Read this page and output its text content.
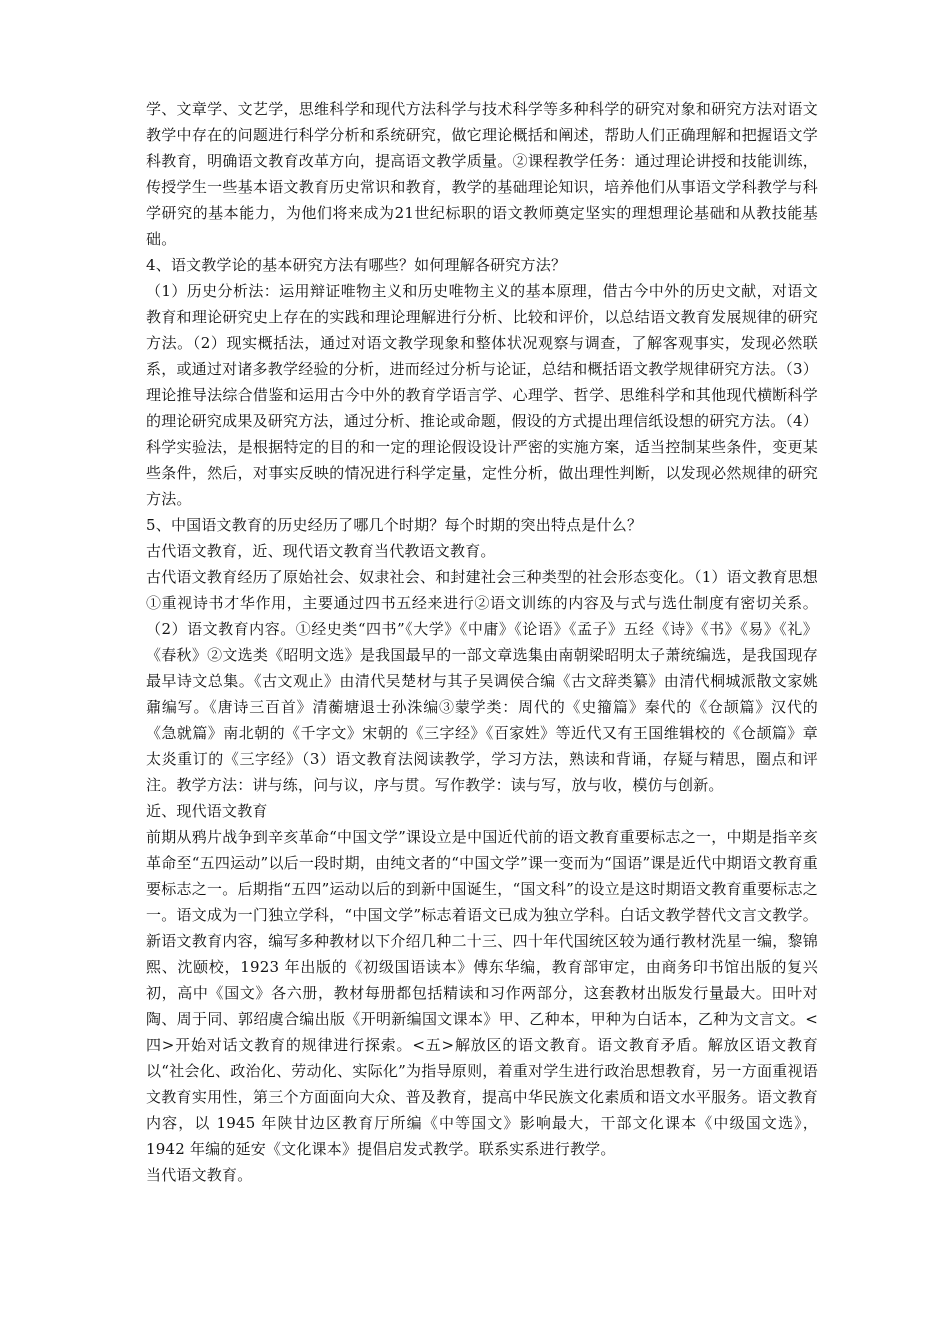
学、文章学、文艺学，思维科学和现代方法科学与技术科学等多种科学的研究对象和研究方法对语文教学中存在的问题进行科学分析和系统研究，做它理论概括和阐述，帮助人们正确理解和把握语文学科教育，明确语文教育改革方向，提高语文教学质量。②课程教学任务：通过理论讲授和技能训练，传授学生一些基本语文教育历史常识和教育，教学的基础理论知识，培养他们从事语文学科教学与科学研究的基本能力，为他们将来成为21世纪标职的语文教师奠定坚实的理想理论基础和从教技能基础。

4、语文教学论的基本研究方法有哪些？如何理解各研究方法？

（1）历史分析法：运用辩证唯物主义和历史唯物主义的基本原理，借古今中外的历史文献，对语文教育和理论研究史上存在的实践和理论理解进行分析、比较和评价，以总结语文教育发展规律的研究方法。（2）现实概括法，通过对语文教学现象和整体状况观察与调查，了解客观事实，发现必然联系，或通过对诸多教学经验的分析，进而经过分析与论证，总结和概括语文教学规律研究方法。（3）理论推导法综合借鉴和运用古今中外的教育学语言学、心理学、哲学、思维科学和其他现代横断科学的理论研究成果及研究方法，通过分析、推论或命题，假设的方式提出理信纸设想的研究方法。（4）科学实验法，是根据特定的目的和一定的理论假设设计严密的实施方案，适当控制某些条件，变更某些条件，然后，对事实反映的情况进行科学定量，定性分析，做出理性判断，以发现必然规律的研究方法。

5、中国语文教育的历史经历了哪几个时期？每个时期的突出特点是什么？

古代语文教育，近、现代语文教育当代教语文教育。

古代语文教育经历了原始社会、奴隶社会、和封建社会三种类型的社会形态变化。（1）语文教育思想①重视诗书才华作用，主要通过四书五经来进行②语文训练的内容及与式与选仕制度有密切关系。（2）语文教育内容。①经史类“四书”《大学》《中庸》《论语》《孟子》五经《诗》《书》《易》《礼》《春秋》②文选类《昭明文选》是我国最早的一部文章选集由南朝梁昭明太子萧统编选，是我国现存最早诗文总集。《古文观止》由清代吴楚材与其子吴调侯合编《古文辞类纂》由清代桐城派散文家姚鼐编写。《唐诗三百首》清蘅塘退士孙洙编③蒙学类：周代的《史籀篇》秦代的《仓颉篇》汉代的《急就篇》南北朝的《千字文》宋朝的《三字经》《百家姓》等近代又有王国维辑校的《仓颉篇》章太炎重订的《三字经》（3）语文教育法阅读教学，学习方法，熟读和背诵，存疑与精思，圈点和评注。教学方法：讲与练，问与议，序与贯。写作教学：读与写，放与收，模仿与创新。

近、现代语文教育

前期从鸦片战争到辛亥革命“中国文学”课设立是中国近代前的语文教育重要标志之一，中期是指辛亥革命至“五四运动”以后一段时期，由纯文者的“中国文学”课一变而为“国语”课是近代中期语文教育重要标志之一。后期指“五四”运动以后的到新中国诞生，“国文科”的设立是这时期语文教育重要标志之一。语文成为一门独立学科，“中国文学”标志着语文已成为独立学科。白话文教学替代文言文教学。新语文教育内容，编写多种教材以下介绍几种二十三、四十年代国统区较为通行教材洗星一编，黎锦熙、沈颐校，1923 年出版的《初级国语读本》傅东华编，教育部审定，由商务印书馆出版的复兴初，高中《国文》各六册，教材每册都包括精读和习作两部分，这套教材出版发行量最大。田叶对陶、周于同、郭绍虞合编出版《开明新编国文课本》甲、乙种本，甲种为白话本，乙种为文言文。<四>开始对话文教育的规律进行探索。<五>解放区的语文教育。语文教育矛盾。解放区语文教育以“社会化、政治化、劳动化、实际化”为指导原则，着重对学生进行政治思想教育，另一方面重视语文教育实用性，第三个方面面向大众、普及教育，提高中华民族文化素质和语文水平服务。语文教育内容，以 1945 年陕甘边区教育厅所编《中等国文》影响最大，干部文化课本《中级国文选》，1942 年编的延安《文化课本》提倡启发式教学。联系实系进行教学。

当代语文教育。
